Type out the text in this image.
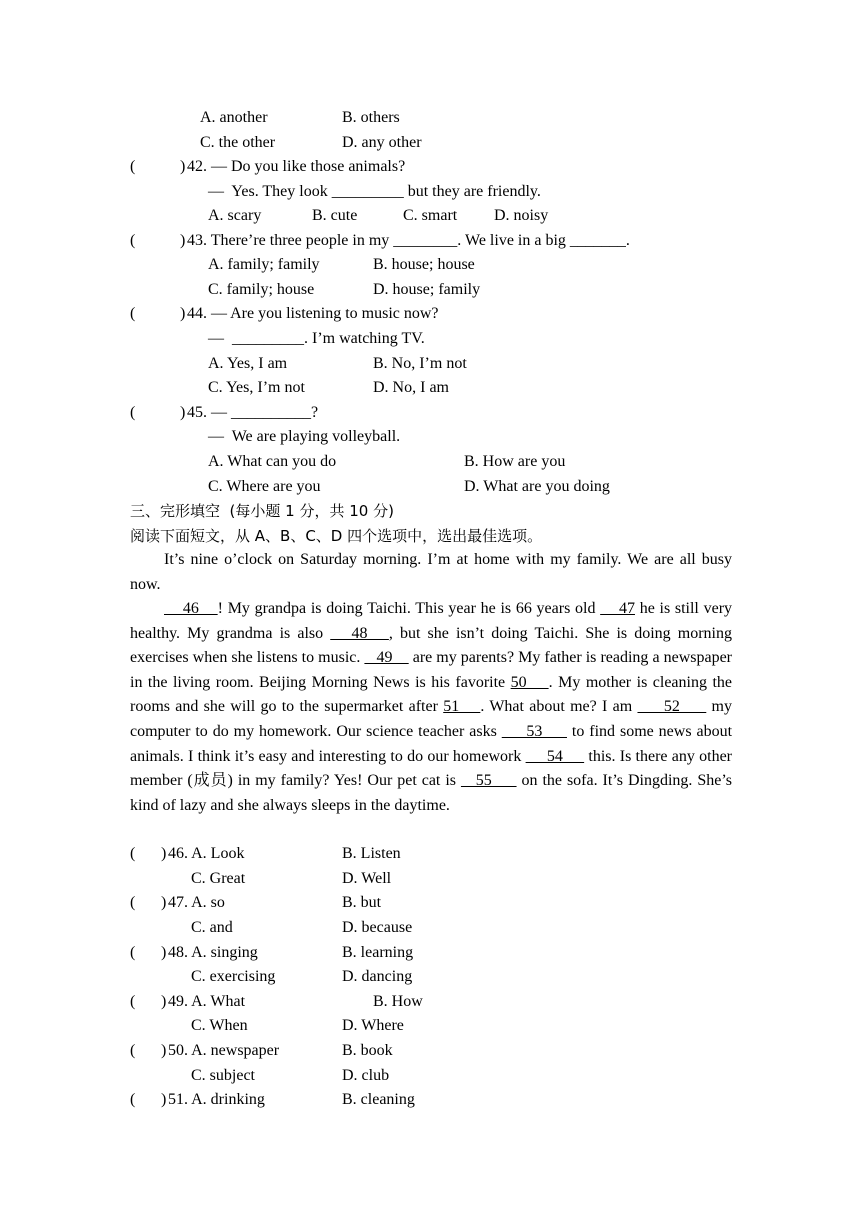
A. another	B. others
C. the other	D. any other
(	) 42. — Do you like those animals?
—  Yes. They look _________ but they are friendly.
A. scary	B. cute	C. smart D. noisy
(	) 43. There’re three people in my ________. We live in a big _______.
A. family; family	B. house; house
C. family; house	D. house; family
(	) 44. — Are you listening to music now?
—  _________. I’m watching TV.
A. Yes, I am	B. No, I’m not
C. Yes, I’m not	D. No, I am
(	) 45. — __________?
—  We are playing volleyball.
A. What can you do	B. How are you
C. Where are you	D. What are you doing
三、完形填空  (每小题 1 分，共 10 分)
阅读下面短文，从 A、B、C、D 四个选项中，选出最佳选项。
It’s nine o’clock on Saturday morning. I’m at home with my family. We are all busy now.
46    ! My grandpa is doing Taichi. This year he is 66 years old     47 he is still very healthy. My grandma is also    48   , but she isn’t doing Taichi. She is doing morning exercises when she listens to music.    49     are my parents? My father is reading a newspaper in the living room. Beijing Morning News is his favorite 50    . My mother is cleaning the rooms and she will go to the supermarket after 51    . What about me? I am      52      my computer to do my homework. Our science teacher asks      53      to find some news about animals. I think it’s easy and interesting to do our homework      54      this. Is there any other member (成员) in my family? Yes! Our pet cat is    55      on the sofa. It’s Dingding. She’s kind of lazy and she always sleeps in the daytime.
( ) 46. A. Look	B. Listen
C. Great	D. Well
( ) 47. A. so	B. but
C. and	D. because
( ) 48. A. singing	B. learning
C. exercising	D. dancing
( ) 49. A. What	B. How
C. When	D. Where
( ) 50. A. newspaper	B. book
C. subject	D. club
( ) 51. A. drinking	B. cleaning
